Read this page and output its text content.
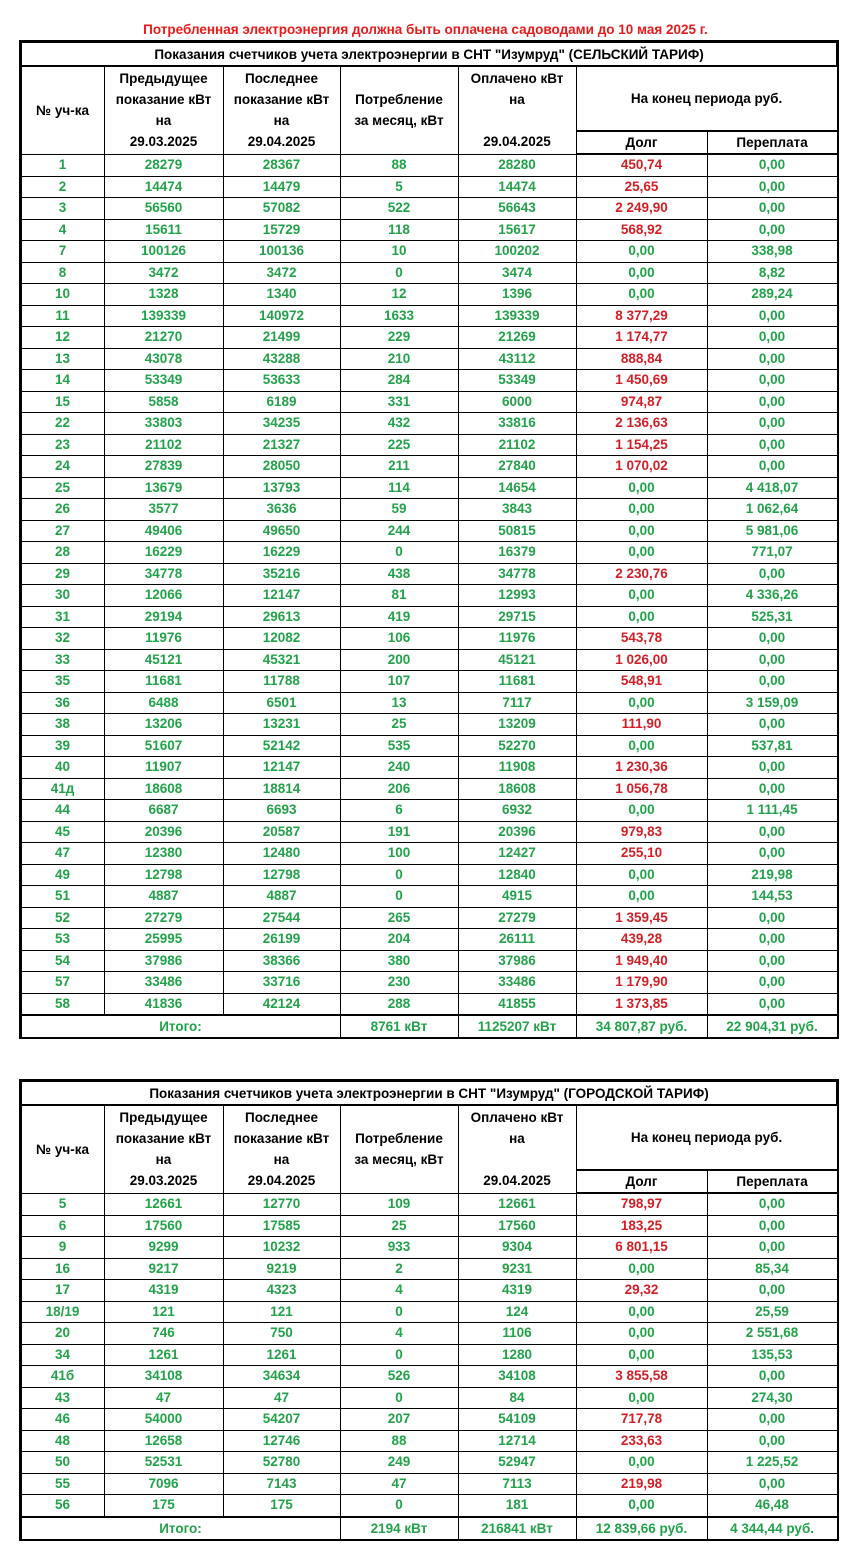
Потребленная электроэнергия должна быть оплачена садоводами до 10 мая 2025 г.
Показания счетчиков учета электроэнергии в СНТ "Изумруд" (СЕЛЬСКИЙ ТАРИФ)						
№ уч-ка	Предыдущее
показание кВт
на
29.03.2025	Последнее
показание кВт
на
29.04.2025	Потребление
за месяц, кВт	Оплачено кВт
на

29.04.2025	На конец периода руб.	
					Долг	Переплата
1	28279	28367	88	28280	450,74	0,00
2	14474	14479	5	14474	25,65	0,00
3	56560	57082	522	56643	2 249,90	0,00
4	15611	15729	118	15617	568,92	0,00
7	100126	100136	10	100202	0,00	338,98
8	3472	3472	0	3474	0,00	8,82
10	1328	1340	12	1396	0,00	289,24
11	139339	140972	1633	139339	8 377,29	0,00
12	21270	21499	229	21269	1 174,77	0,00
13	43078	43288	210	43112	888,84	0,00
14	53349	53633	284	53349	1 450,69	0,00
15	5858	6189	331	6000	974,87	0,00
22	33803	34235	432	33816	2 136,63	0,00
23	21102	21327	225	21102	1 154,25	0,00
24	27839	28050	211	27840	1 070,02	0,00
25	13679	13793	114	14654	0,00	4 418,07
26	3577	3636	59	3843	0,00	1 062,64
27	49406	49650	244	50815	0,00	5 981,06
28	16229	16229	0	16379	0,00	771,07
29	34778	35216	438	34778	2 230,76	0,00
30	12066	12147	81	12993	0,00	4 336,26
31	29194	29613	419	29715	0,00	525,31
32	11976	12082	106	11976	543,78	0,00
33	45121	45321	200	45121	1 026,00	0,00
35	11681	11788	107	11681	548,91	0,00
36	6488	6501	13	7117	0,00	3 159,09
38	13206	13231	25	13209	111,90	0,00
39	51607	52142	535	52270	0,00	537,81
40	11907	12147	240	11908	1 230,36	0,00
41д	18608	18814	206	18608	1 056,78	0,00
44	6687	6693	6	6932	0,00	1 111,45
45	20396	20587	191	20396	979,83	0,00
47	12380	12480	100	12427	255,10	0,00
49	12798	12798	0	12840	0,00	219,98
51	4887	4887	0	4915	0,00	144,53
52	27279	27544	265	27279	1 359,45	0,00
53	25995	26199	204	26111	439,28	0,00
54	37986	38366	380	37986	1 949,40	0,00
57	33486	33716	230	33486	1 179,90	0,00
58	41836	42124	288	41855	1 373,85	0,00
Итого:			8761 кВт	1125207 кВт	34 807,87 руб.	22 904,31 руб.
Показания счетчиков учета электроэнергии в СНТ "Изумруд" (ГОРОДСКОЙ ТАРИФ)						
№ уч-ка	Предыдущее
показание кВт
на
29.03.2025	Последнее
показание кВт
на
29.04.2025	Потребление
за месяц, кВт	Оплачено кВт
на

29.04.2025	На конец периода руб.	
					Долг	Переплата
5	12661	12770	109	12661	798,97	0,00
6	17560	17585	25	17560	183,25	0,00
9	9299	10232	933	9304	6 801,15	0,00
16	9217	9219	2	9231	0,00	85,34
17	4319	4323	4	4319	29,32	0,00
18/19	121	121	0	124	0,00	25,59
20	746	750	4	1106	0,00	2 551,68
34	1261	1261	0	1280	0,00	135,53
41б	34108	34634	526	34108	3 855,58	0,00
43	47	47	0	84	0,00	274,30
46	54000	54207	207	54109	717,78	0,00
48	12658	12746	88	12714	233,63	0,00
50	52531	52780	249	52947	0,00	1 225,52
55	7096	7143	47	7113	219,98	0,00
56	175	175	0	181	0,00	46,48
Итого:			2194 кВт	216841 кВт	12 839,66 руб.	4 344,44 руб.
